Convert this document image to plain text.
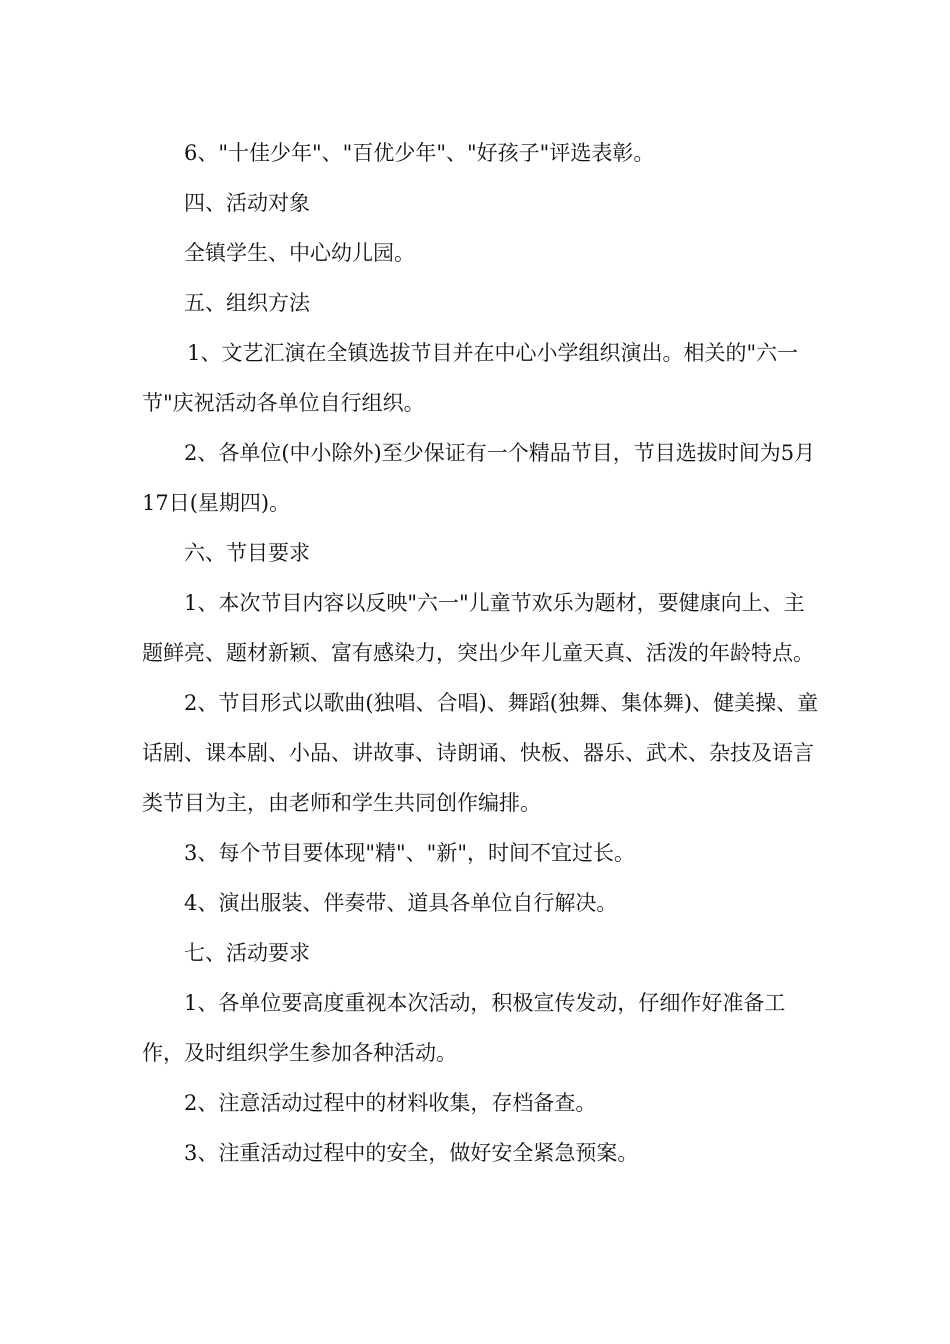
6、"十佳少年"、"百优少年"、"好孩子"评选表彰。

四、活动对象

全镇学生、中心幼儿园。

五、组织方法

1、文艺汇演在全镇选拔节目并在中心小学组织演出。相关的"六一节"庆祝活动各单位自行组织。

2、各单位(中小除外)至少保证有一个精品节目，节目选拔时间为5月17日(星期四)。

六、节目要求

1、本次节目内容以反映"六一"儿童节欢乐为题材，要健康向上、主题鲜亮、题材新颖、富有感染力，突出少年儿童天真、活泼的年龄特点。

2、节目形式以歌曲(独唱、合唱)、舞蹈(独舞、集体舞)、健美操、童话剧、课本剧、小品、讲故事、诗朗诵、快板、器乐、武术、杂技及语言类节目为主，由老师和学生共同创作编排。

3、每个节目要体现"精"、"新"，时间不宜过长。

4、演出服装、伴奏带、道具各单位自行解决。

七、活动要求

1、各单位要高度重视本次活动，积极宣传发动，仔细作好准备工作，及时组织学生参加各种活动。

2、注意活动过程中的材料收集，存档备查。

3、注重活动过程中的安全，做好安全紧急预案。
